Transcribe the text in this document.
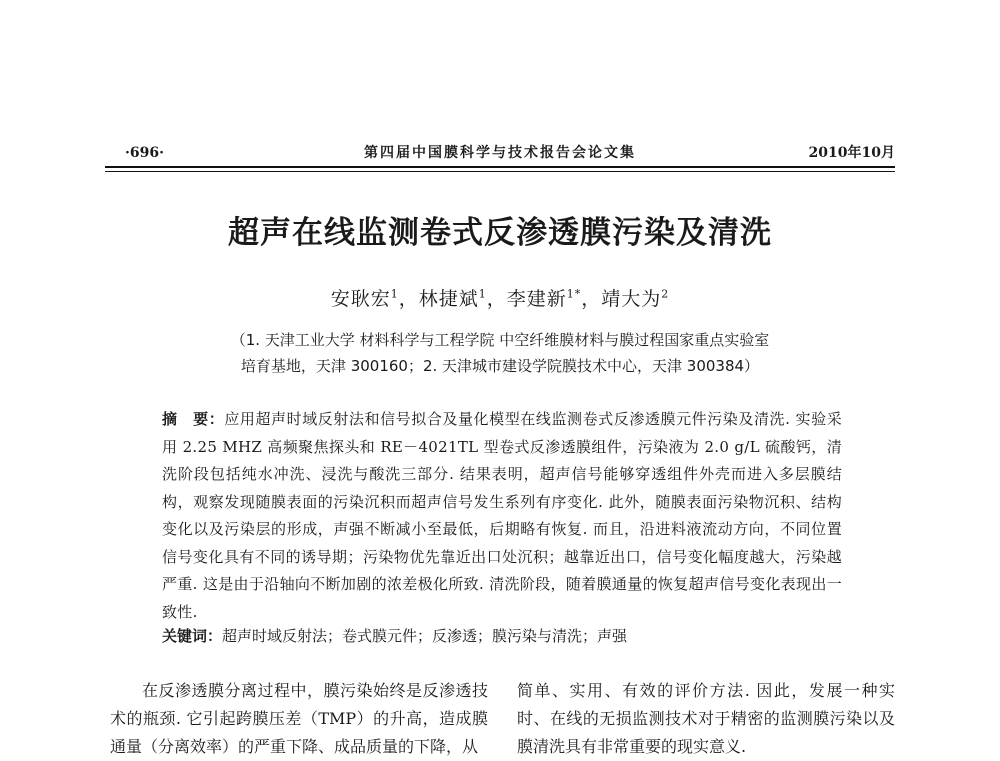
·696·	第四届中国膜科学与技术报告会论文集	2010年10月
超声在线监测卷式反渗透膜污染及清洗
安耿宏$^1$，林捷斌$^1$，李建新$^{1*}$，靖大为$^2$
（1. 天津工业大学 材料科学与工程学院 中空纤维膜材料与膜过程国家重点实验室
培育基地，天津 300160；2. 天津城市建设学院膜技术中心，天津 300384）
摘　要：应用超声时域反射法和信号拟合及量化模型在线监测卷式反渗透膜元件污染及清洗. 实验采用 2.25 MHZ 高频聚焦探头和 RE－4021TL 型卷式反渗透膜组件，污染液为 2.0 g/L 硫酸钙，清洗阶段包括纯水冲洗、浸洗与酸洗三部分. 结果表明，超声信号能够穿透组件外壳而进入多层膜结构，观察发现随膜表面的污染沉积而超声信号发生系列有序变化. 此外，随膜表面污染物沉积、结构变化以及污染层的形成，声强不断减小至最低，后期略有恢复. 而且，沿进料液流动方向，不同位置信号变化具有不同的诱导期；污染物优先靠近出口处沉积；越靠近出口，信号变化幅度越大，污染越严重. 这是由于沿轴向不断加剧的浓差极化所致. 清洗阶段，随着膜通量的恢复超声信号变化表现出一致性.
关键词：超声时域反射法；卷式膜元件；反渗透；膜污染与清洗；声强
在反渗透膜分离过程中，膜污染始终是反渗透技术的瓶颈. 它引起跨膜压差（TMP）的升高，造成膜通量（分离效率）的严重下降、成品质量的下降，从
简单、实用、有效的评价方法. 因此，发展一种实时、在线的无损监测技术对于精密的监测膜污染以及膜清洗具有非常重要的现实意义.
